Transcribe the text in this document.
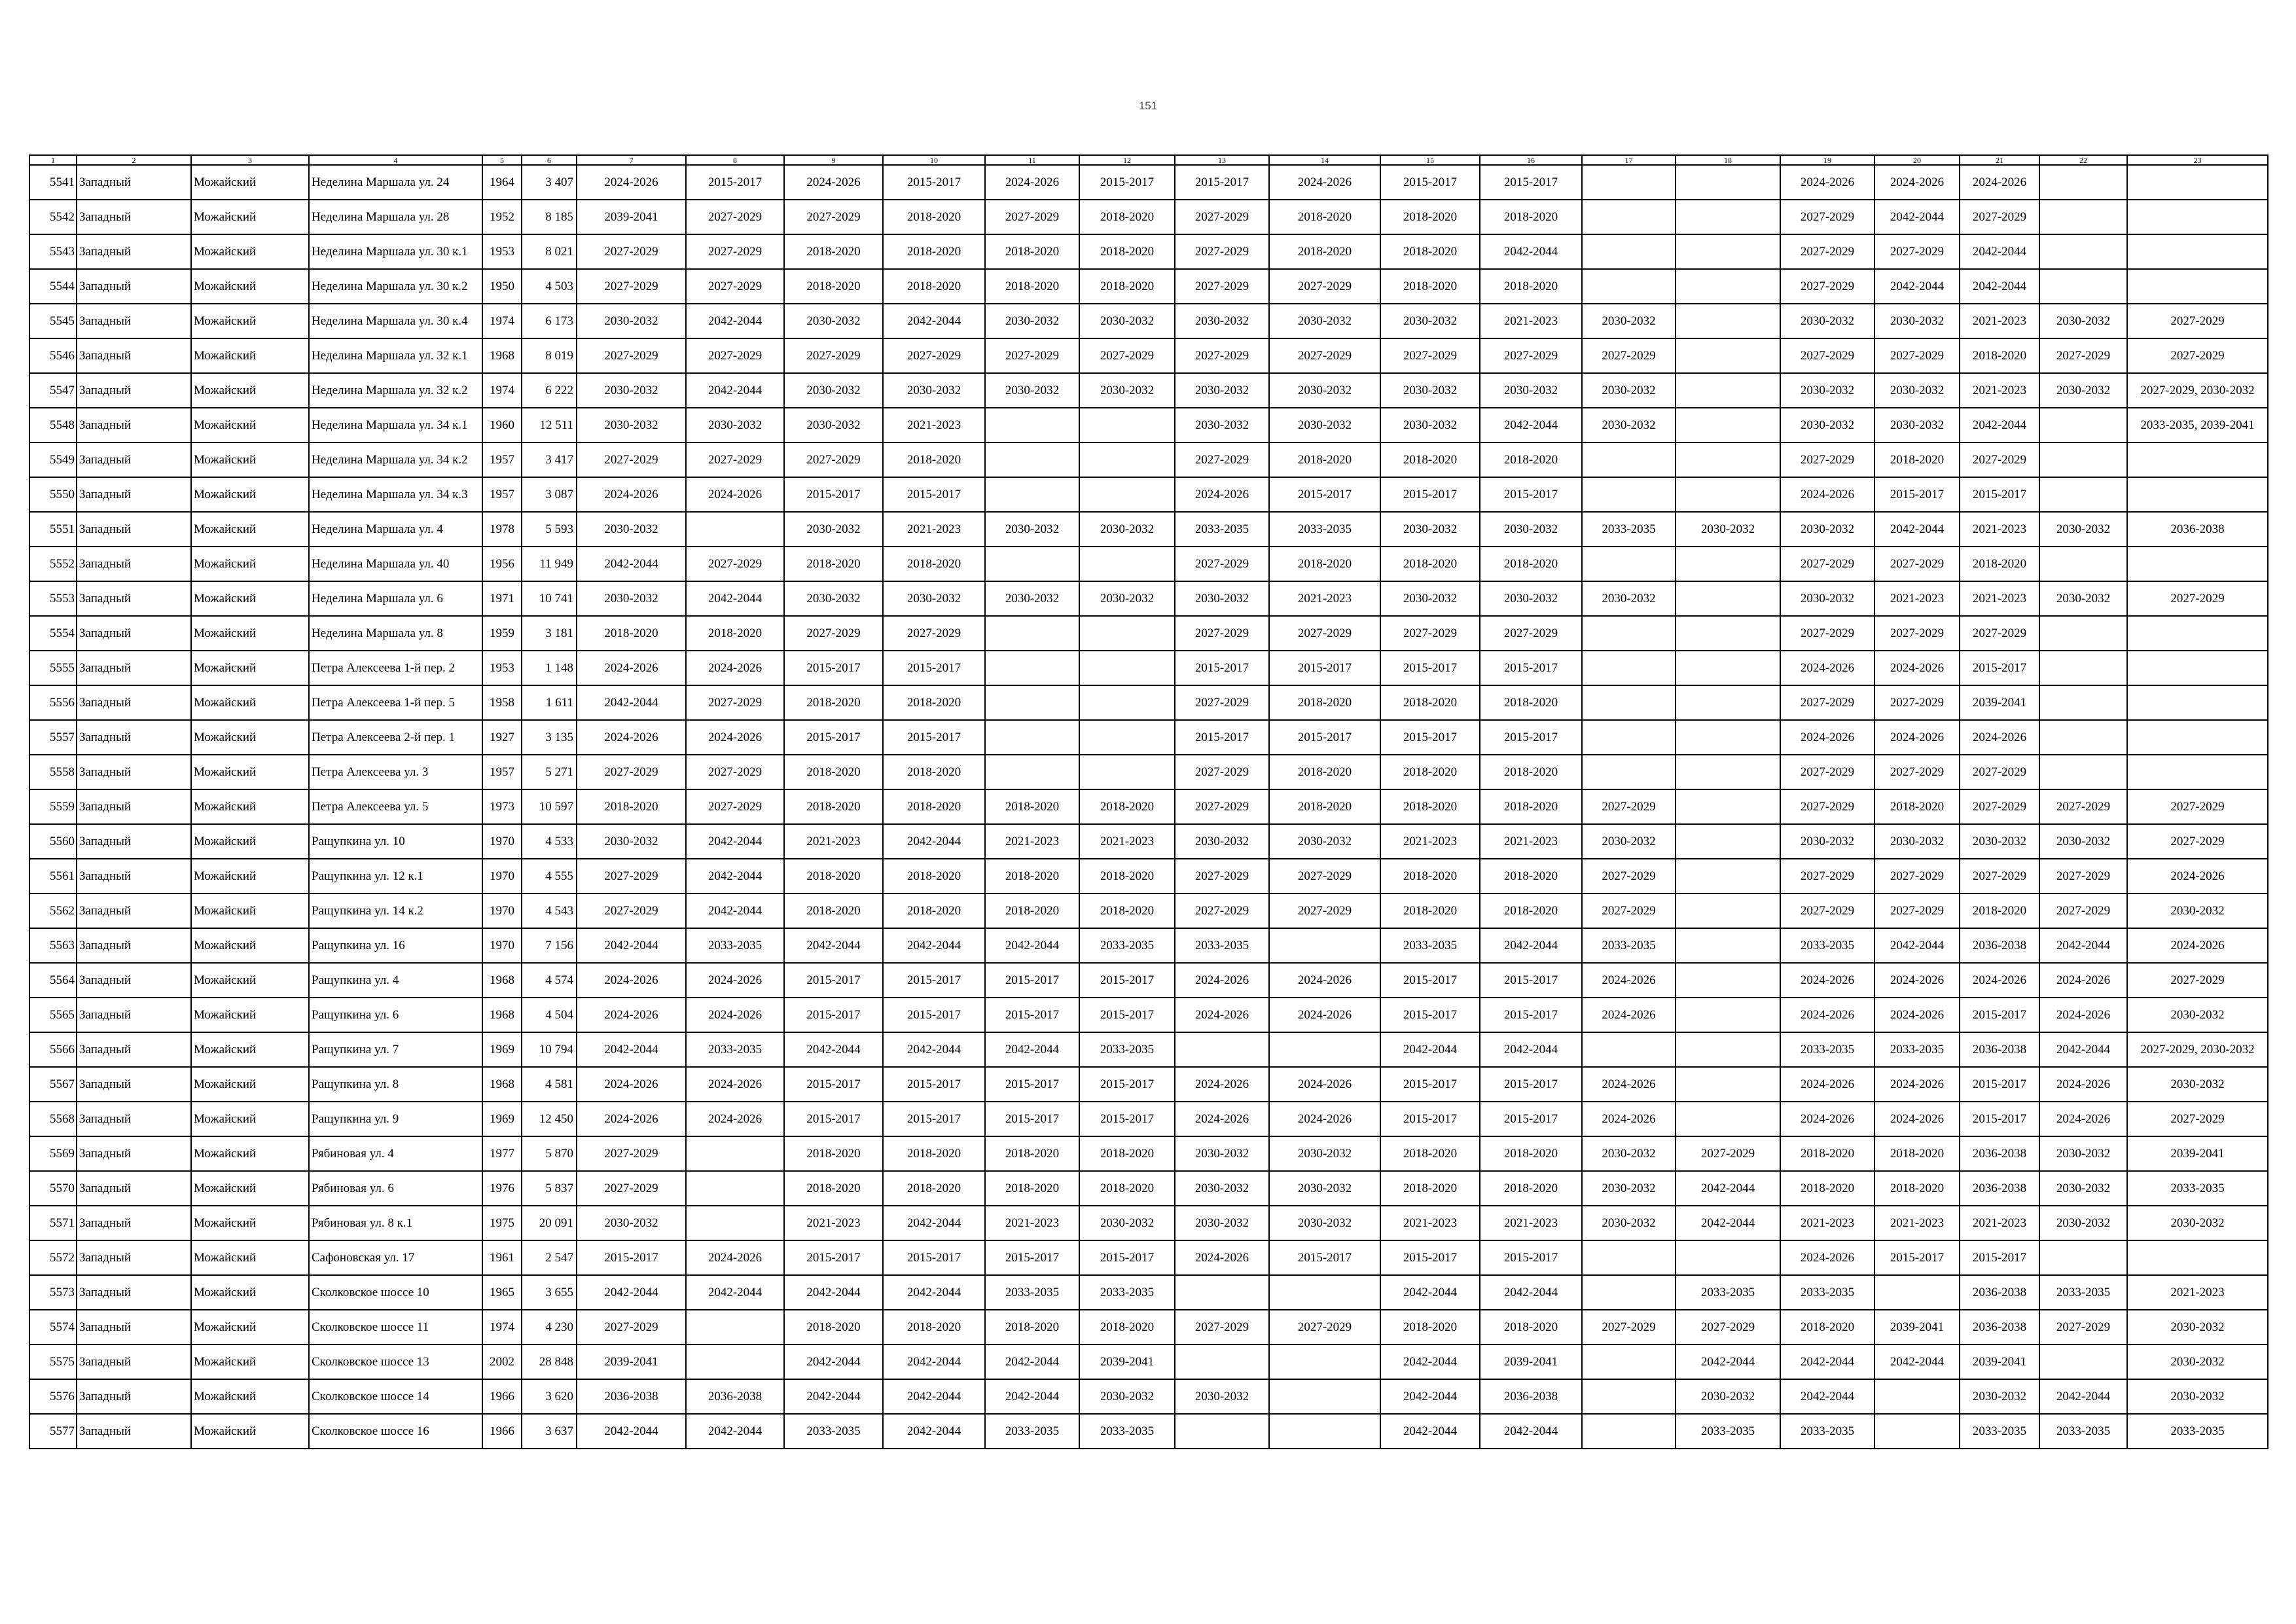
151
1	2	3	4	5	6	7	8	9	10	11	12	13	14	15	16	17	18	19	20	21	22	23
5541	Западный	Можайский	Неделина Маршала ул. 24	1964	3 407	2024-2026	2015-2017	2024-2026	2015-2017	2024-2026	2015-2017	2015-2017	2024-2026	2015-2017	2015-2017			2024-2026	2024-2026	2024-2026		
5542	Западный	Можайский	Неделина Маршала ул. 28	1952	8 185	2039-2041	2027-2029	2027-2029	2018-2020	2027-2029	2018-2020	2027-2029	2018-2020	2018-2020	2018-2020			2027-2029	2042-2044	2027-2029		
5543	Западный	Можайский	Неделина Маршала ул. 30 к.1	1953	8 021	2027-2029	2027-2029	2018-2020	2018-2020	2018-2020	2018-2020	2027-2029	2018-2020	2018-2020	2042-2044			2027-2029	2027-2029	2042-2044		
5544	Западный	Можайский	Неделина Маршала ул. 30 к.2	1950	4 503	2027-2029	2027-2029	2018-2020	2018-2020	2018-2020	2018-2020	2027-2029	2027-2029	2018-2020	2018-2020			2027-2029	2042-2044	2042-2044		
5545	Западный	Можайский	Неделина Маршала ул. 30 к.4	1974	6 173	2030-2032	2042-2044	2030-2032	2042-2044	2030-2032	2030-2032	2030-2032	2030-2032	2030-2032	2021-2023	2030-2032		2030-2032	2030-2032	2021-2023	2030-2032	2027-2029
5546	Западный	Можайский	Неделина Маршала ул. 32 к.1	1968	8 019	2027-2029	2027-2029	2027-2029	2027-2029	2027-2029	2027-2029	2027-2029	2027-2029	2027-2029	2027-2029	2027-2029		2027-2029	2027-2029	2018-2020	2027-2029	2027-2029
5547	Западный	Можайский	Неделина Маршала ул. 32 к.2	1974	6 222	2030-2032	2042-2044	2030-2032	2030-2032	2030-2032	2030-2032	2030-2032	2030-2032	2030-2032	2030-2032	2030-2032		2030-2032	2030-2032	2021-2023	2030-2032	2027-2029, 2030-2032
5548	Западный	Можайский	Неделина Маршала ул. 34 к.1	1960	12 511	2030-2032	2030-2032	2030-2032	2021-2023			2030-2032	2030-2032	2030-2032	2042-2044	2030-2032		2030-2032	2030-2032	2042-2044		2033-2035, 2039-2041
5549	Западный	Можайский	Неделина Маршала ул. 34 к.2	1957	3 417	2027-2029	2027-2029	2027-2029	2018-2020			2027-2029	2018-2020	2018-2020	2018-2020			2027-2029	2018-2020	2027-2029		
5550	Западный	Можайский	Неделина Маршала ул. 34 к.3	1957	3 087	2024-2026	2024-2026	2015-2017	2015-2017			2024-2026	2015-2017	2015-2017	2015-2017			2024-2026	2015-2017	2015-2017		
5551	Западный	Можайский	Неделина Маршала ул. 4	1978	5 593	2030-2032		2030-2032	2021-2023	2030-2032	2030-2032	2033-2035	2033-2035	2030-2032	2030-2032	2033-2035	2030-2032	2030-2032	2042-2044	2021-2023	2030-2032	2036-2038
5552	Западный	Можайский	Неделина Маршала ул. 40	1956	11 949	2042-2044	2027-2029	2018-2020	2018-2020			2027-2029	2018-2020	2018-2020	2018-2020			2027-2029	2027-2029	2018-2020		
5553	Западный	Можайский	Неделина Маршала ул. 6	1971	10 741	2030-2032	2042-2044	2030-2032	2030-2032	2030-2032	2030-2032	2030-2032	2021-2023	2030-2032	2030-2032	2030-2032		2030-2032	2021-2023	2021-2023	2030-2032	2027-2029
5554	Западный	Можайский	Неделина Маршала ул. 8	1959	3 181	2018-2020	2018-2020	2027-2029	2027-2029			2027-2029	2027-2029	2027-2029	2027-2029			2027-2029	2027-2029	2027-2029		
5555	Западный	Можайский	Петра Алексеева 1-й пер. 2	1953	1 148	2024-2026	2024-2026	2015-2017	2015-2017			2015-2017	2015-2017	2015-2017	2015-2017			2024-2026	2024-2026	2015-2017		
5556	Западный	Можайский	Петра Алексеева 1-й пер. 5	1958	1 611	2042-2044	2027-2029	2018-2020	2018-2020			2027-2029	2018-2020	2018-2020	2018-2020			2027-2029	2027-2029	2039-2041		
5557	Западный	Можайский	Петра Алексеева 2-й пер. 1	1927	3 135	2024-2026	2024-2026	2015-2017	2015-2017			2015-2017	2015-2017	2015-2017	2015-2017			2024-2026	2024-2026	2024-2026		
5558	Западный	Можайский	Петра Алексеева ул. 3	1957	5 271	2027-2029	2027-2029	2018-2020	2018-2020			2027-2029	2018-2020	2018-2020	2018-2020			2027-2029	2027-2029	2027-2029		
5559	Западный	Можайский	Петра Алексеева ул. 5	1973	10 597	2018-2020	2027-2029	2018-2020	2018-2020	2018-2020	2018-2020	2027-2029	2018-2020	2018-2020	2018-2020	2027-2029		2027-2029	2018-2020	2027-2029	2027-2029	2027-2029
5560	Западный	Можайский	Ращупкина ул. 10	1970	4 533	2030-2032	2042-2044	2021-2023	2042-2044	2021-2023	2021-2023	2030-2032	2030-2032	2021-2023	2021-2023	2030-2032		2030-2032	2030-2032	2030-2032	2030-2032	2027-2029
5561	Западный	Можайский	Ращупкина ул. 12 к.1	1970	4 555	2027-2029	2042-2044	2018-2020	2018-2020	2018-2020	2018-2020	2027-2029	2027-2029	2018-2020	2018-2020	2027-2029		2027-2029	2027-2029	2027-2029	2027-2029	2024-2026
5562	Западный	Можайский	Ращупкина ул. 14 к.2	1970	4 543	2027-2029	2042-2044	2018-2020	2018-2020	2018-2020	2018-2020	2027-2029	2027-2029	2018-2020	2018-2020	2027-2029		2027-2029	2027-2029	2018-2020	2027-2029	2030-2032
5563	Западный	Можайский	Ращупкина ул. 16	1970	7 156	2042-2044	2033-2035	2042-2044	2042-2044	2042-2044	2033-2035	2033-2035		2033-2035	2042-2044	2033-2035		2033-2035	2042-2044	2036-2038	2042-2044	2024-2026
5564	Западный	Можайский	Ращупкина ул. 4	1968	4 574	2024-2026	2024-2026	2015-2017	2015-2017	2015-2017	2015-2017	2024-2026	2024-2026	2015-2017	2015-2017	2024-2026		2024-2026	2024-2026	2024-2026	2024-2026	2027-2029
5565	Западный	Можайский	Ращупкина ул. 6	1968	4 504	2024-2026	2024-2026	2015-2017	2015-2017	2015-2017	2015-2017	2024-2026	2024-2026	2015-2017	2015-2017	2024-2026		2024-2026	2024-2026	2015-2017	2024-2026	2030-2032
5566	Западный	Можайский	Ращупкина ул. 7	1969	10 794	2042-2044	2033-2035	2042-2044	2042-2044	2042-2044	2033-2035			2042-2044	2042-2044			2033-2035	2033-2035	2036-2038	2042-2044	2027-2029, 2030-2032
5567	Западный	Можайский	Ращупкина ул. 8	1968	4 581	2024-2026	2024-2026	2015-2017	2015-2017	2015-2017	2015-2017	2024-2026	2024-2026	2015-2017	2015-2017	2024-2026		2024-2026	2024-2026	2015-2017	2024-2026	2030-2032
5568	Западный	Можайский	Ращупкина ул. 9	1969	12 450	2024-2026	2024-2026	2015-2017	2015-2017	2015-2017	2015-2017	2024-2026	2024-2026	2015-2017	2015-2017	2024-2026		2024-2026	2024-2026	2015-2017	2024-2026	2027-2029
5569	Западный	Можайский	Рябиновая ул. 4	1977	5 870	2027-2029		2018-2020	2018-2020	2018-2020	2018-2020	2030-2032	2030-2032	2018-2020	2018-2020	2030-2032	2027-2029	2018-2020	2018-2020	2036-2038	2030-2032	2039-2041
5570	Западный	Можайский	Рябиновая ул. 6	1976	5 837	2027-2029		2018-2020	2018-2020	2018-2020	2018-2020	2030-2032	2030-2032	2018-2020	2018-2020	2030-2032	2042-2044	2018-2020	2018-2020	2036-2038	2030-2032	2033-2035
5571	Западный	Можайский	Рябиновая ул. 8 к.1	1975	20 091	2030-2032		2021-2023	2042-2044	2021-2023	2030-2032	2030-2032	2030-2032	2021-2023	2021-2023	2030-2032	2042-2044	2021-2023	2021-2023	2021-2023	2030-2032	2030-2032
5572	Западный	Можайский	Сафоновская ул. 17	1961	2 547	2015-2017	2024-2026	2015-2017	2015-2017	2015-2017	2015-2017	2024-2026	2015-2017	2015-2017	2015-2017			2024-2026	2015-2017	2015-2017		
5573	Западный	Можайский	Сколковское шоссе 10	1965	3 655	2042-2044	2042-2044	2042-2044	2042-2044	2033-2035	2033-2035			2042-2044	2042-2044		2033-2035	2033-2035		2036-2038	2033-2035	2021-2023
5574	Западный	Можайский	Сколковское шоссе 11	1974	4 230	2027-2029		2018-2020	2018-2020	2018-2020	2018-2020	2027-2029	2027-2029	2018-2020	2018-2020	2027-2029	2027-2029	2018-2020	2039-2041	2036-2038	2027-2029	2030-2032
5575	Западный	Можайский	Сколковское шоссе 13	2002	28 848	2039-2041		2042-2044	2042-2044	2042-2044	2039-2041			2042-2044	2039-2041		2042-2044	2042-2044	2042-2044	2039-2041		2030-2032
5576	Западный	Можайский	Сколковское шоссе 14	1966	3 620	2036-2038	2036-2038	2042-2044	2042-2044	2042-2044	2030-2032	2030-2032		2042-2044	2036-2038		2030-2032	2042-2044		2030-2032	2042-2044	2030-2032
5577	Западный	Можайский	Сколковское шоссе 16	1966	3 637	2042-2044	2042-2044	2033-2035	2042-2044	2033-2035	2033-2035			2042-2044	2042-2044		2033-2035	2033-2035		2033-2035	2033-2035	2033-2035
